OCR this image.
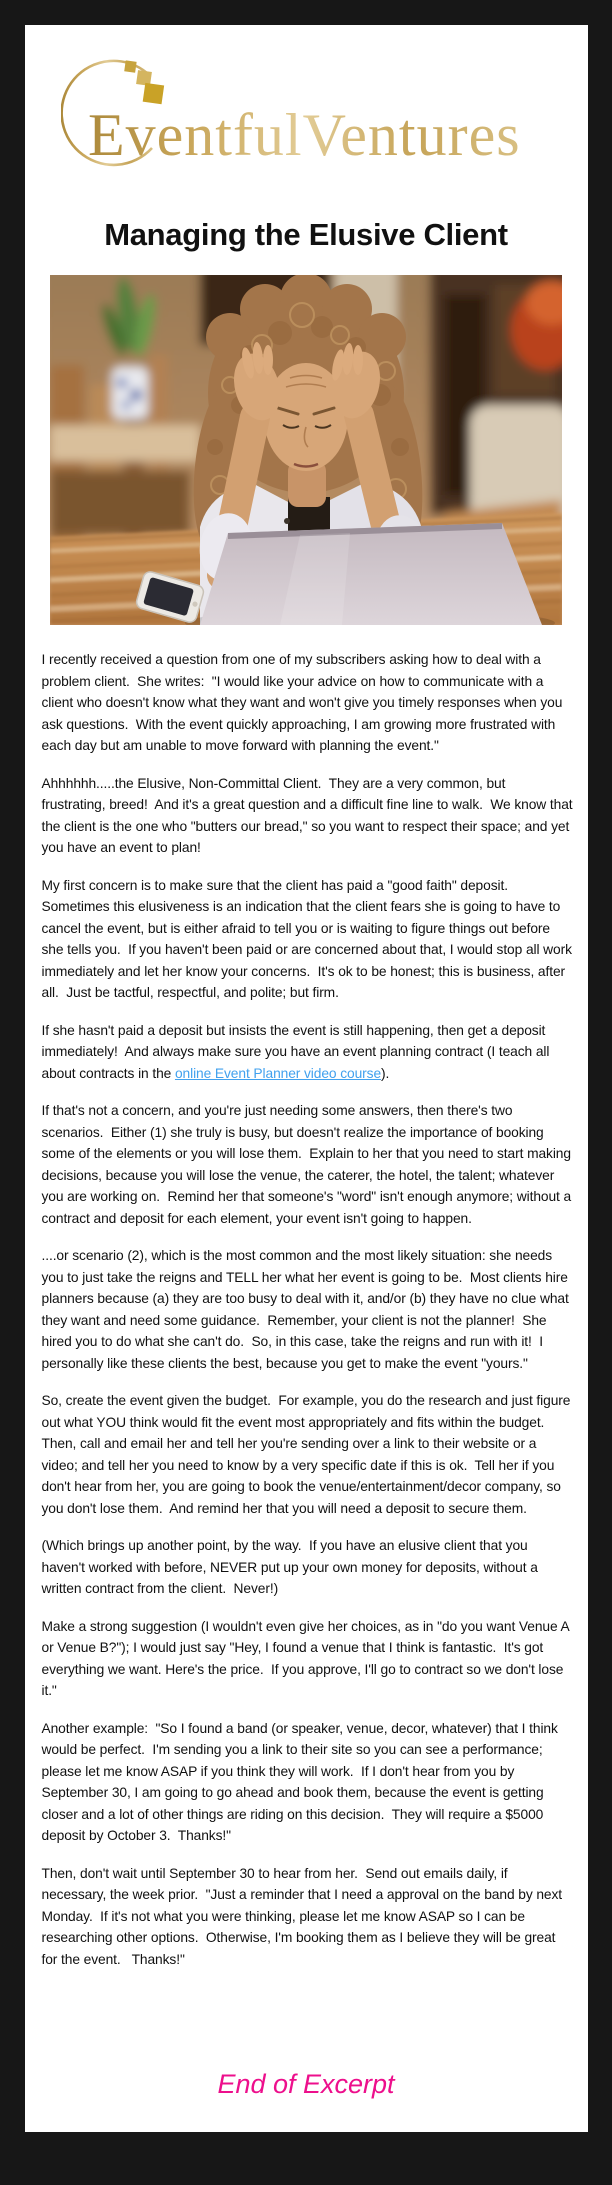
EventfulVentures
Managing the Elusive Client

I recently received a question from one of my subscribers asking how to deal with a problem client.  She writes:  "I would like your advice on how to communicate with a client who doesn't know what they want and won't give you timely responses when you ask questions.  With the event quickly approaching, I am growing more frustrated with each day but am unable to move forward with planning the event."

Ahhhhhh.....the Elusive, Non-Committal Client.  They are a very common, but frustrating, breed!  And it's a great question and a difficult fine line to walk.  We know that the client is the one who "butters our bread," so you want to respect their space; and yet you have an event to plan!

My first concern is to make sure that the client has paid a "good faith" deposit.  Sometimes this elusiveness is an indication that the client fears she is going to have to cancel the event, but is either afraid to tell you or is waiting to figure things out before she tells you.  If you haven't been paid or are concerned about that, I would stop all work immediately and let her know your concerns.  It's ok to be honest; this is business, after all.  Just be tactful, respectful, and polite; but firm.

If she hasn't paid a deposit but insists the event is still happening, then get a deposit immediately!  And always make sure you have an event planning contract (I teach all about contracts in the online Event Planner video course).

If that's not a concern, and you're just needing some answers, then there's two scenarios.  Either (1) she truly is busy, but doesn't realize the importance of booking some of the elements or you will lose them.  Explain to her that you need to start making decisions, because you will lose the venue, the caterer, the hotel, the talent; whatever you are working on.  Remind her that someone's "word" isn't enough anymore; without a contract and deposit for each element, your event isn't going to happen.

....or scenario (2), which is the most common and the most likely situation: she needs you to just take the reigns and TELL her what her event is going to be.  Most clients hire planners because (a) they are too busy to deal with it, and/or (b) they have no clue what they want and need some guidance.  Remember, your client is not the planner!  She hired you to do what she can't do.  So, in this case, take the reigns and run with it!  I personally like these clients the best, because you get to make the event "yours."

So, create the event given the budget.  For example, you do the research and just figure out what YOU think would fit the event most appropriately and fits within the budget. Then, call and email her and tell her you're sending over a link to their website or a video; and tell her you need to know by a very specific date if this is ok.  Tell her if you don't hear from her, you are going to book the venue/entertainment/decor company, so you don't lose them.  And remind her that you will need a deposit to secure them.

(Which brings up another point, by the way.  If you have an elusive client that you haven't worked with before, NEVER put up your own money for deposits, without a written contract from the client.  Never!)

Make a strong suggestion (I wouldn't even give her choices, as in "do you want Venue A or Venue B?"); I would just say "Hey, I found a venue that I think is fantastic.  It's got everything we want. Here's the price.  If you approve, I'll go to contract so we don't lose it."

Another example:  "So I found a band (or speaker, venue, decor, whatever) that I think would be perfect.  I'm sending you a link to their site so you can see a performance; please let me know ASAP if you think they will work.  If I don't hear from you by September 30, I am going to go ahead and book them, because the event is getting closer and a lot of other things are riding on this decision.  They will require a $5000 deposit by October 3.  Thanks!"

Then, don't wait until September 30 to hear from her.  Send out emails daily, if necessary, the week prior.  "Just a reminder that I need a approval on the band by next Monday.  If it's not what you were thinking, please let me know ASAP so I can be researching other options.  Otherwise, I'm booking them as I believe they will be great for the event.   Thanks!"

End of Excerpt
